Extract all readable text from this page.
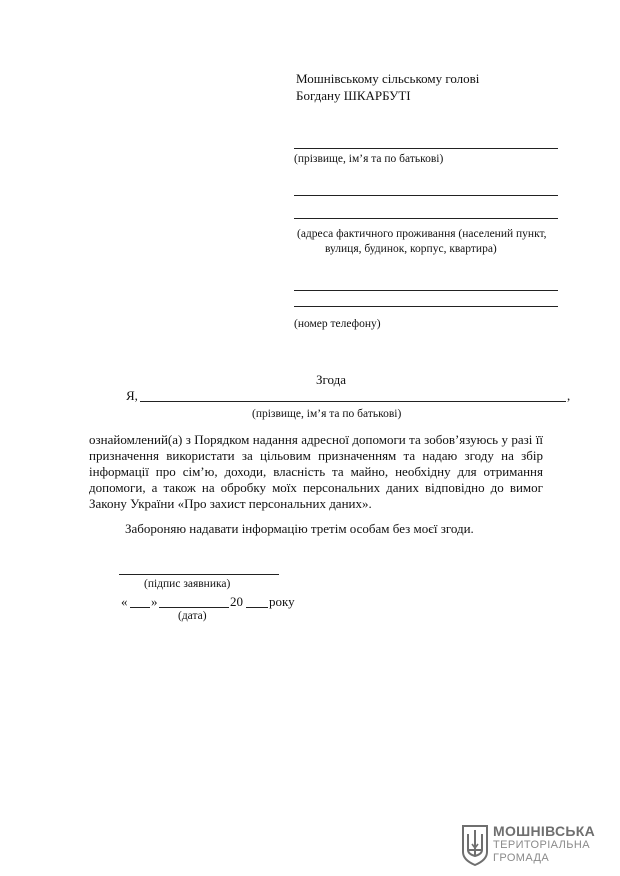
Мошнівському сільському голові
Богдану ШКАРБУТІ
(прізвище, ім’я та по батькові)
(адреса фактичного проживання (населений пункт,
вулиця, будинок, корпус, квартира)
(номер телефону)
Згода
Я,	,
(прізвище, ім’я та по батькові)

ознайомлений(а) з Порядком надання адресної допомоги та зобов’язуюсь у разі її призначення використати за цільовим призначенням та надаю згоду на збір інформації про сім’ю, доходи, власність та майно, необхідну для отримання допомоги, а також на обробку моїх персональних даних відповідно до вимог Закону України «Про захист персональних даних».

Забороняю надавати інформацію третім особам без моєї згоди.
(підпис заявника)
« »	20 року
(дата)
МОШНІВСЬКА
ТЕРИТОРІАЛЬНА
ГРОМАДА
